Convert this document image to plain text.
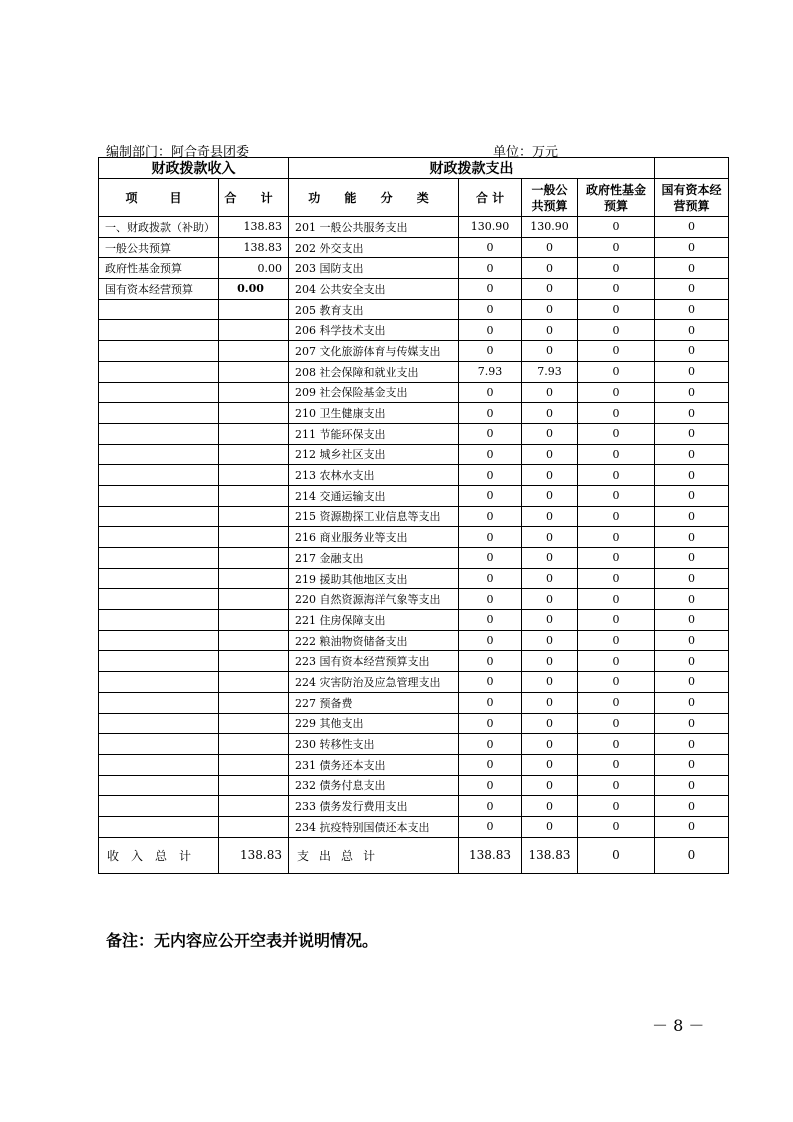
编制部门：阿合奇县团委	单位：万元
财政拨款收入		财政拨款支出				
项　目	合 计	功 能 分 类	合 计	一般公共预算	政府性基金预算	国有资本经营预算
一、财政拨款（补助）	138.83	201 一般公共服务支出	130.90	130.90	0	0
一般公共预算	138.83	202 外交支出	0	0	0	0
政府性基金预算	0.00	203 国防支出	0	0	0	0
国有资本经营预算	0.00	204 公共安全支出	0	0	0	0
		205 教育支出	0	0	0	0
		206 科学技术支出	0	0	0	0
		207 文化旅游体育与传媒支出	0	0	0	0
		208 社会保障和就业支出	7.93	7.93	0	0
		209 社会保险基金支出	0	0	0	0
		210 卫生健康支出	0	0	0	0
		211 节能环保支出	0	0	0	0
		212 城乡社区支出	0	0	0	0
		213 农林水支出	0	0	0	0
		214 交通运输支出	0	0	0	0
		215 资源勘探工业信息等支出	0	0	0	0
		216 商业服务业等支出	0	0	0	0
		217 金融支出	0	0	0	0
		219 援助其他地区支出	0	0	0	0
		220 自然资源海洋气象等支出	0	0	0	0
		221 住房保障支出	0	0	0	0
		222 粮油物资储备支出	0	0	0	0
		223 国有资本经营预算支出	0	0	0	0
		224 灾害防治及应急管理支出	0	0	0	0
		227 预备费	0	0	0	0
		229 其他支出	0	0	0	0
		230 转移性支出	0	0	0	0
		231 债务还本支出	0	0	0	0
		232 债务付息支出	0	0	0	0
		233 债务发行费用支出	0	0	0	0
		234 抗疫特别国债还本支出	0	0	0	0
收入总计	138.83	支出总计	138.83	138.83	0	0
备注：无内容应公开空表并说明情况。
－ 8 －
